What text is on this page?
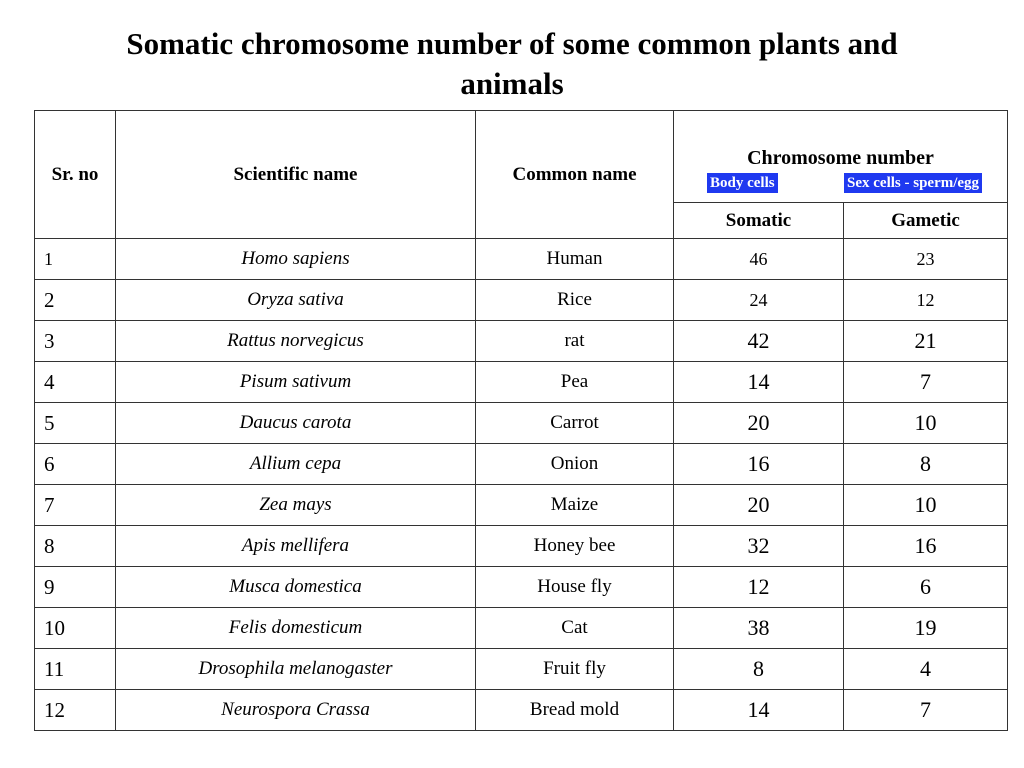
Somatic chromosome number of some common plants and
animals
Sr. no	Scientific name	Common name	Chromosome number
Body cells Sex cells - sperm/egg	

			Somatic	Gametic
1	Homo sapiens	Human	46	23
2	Oryza sativa	Rice	24	12
3	Rattus norvegicus	rat	42	21
4	Pisum sativum	Pea	14	7
5	Daucus carota	Carrot	20	10
6	Allium cepa	Onion	16	8
7	Zea mays	Maize	20	10
8	Apis mellifera	Honey bee	32	16
9	Musca domestica	House fly	12	6
10	Felis domesticum	Cat	38	19
11	Drosophila melanogaster	Fruit fly	8	4
12	Neurospora Crassa	Bread mold	14	7
